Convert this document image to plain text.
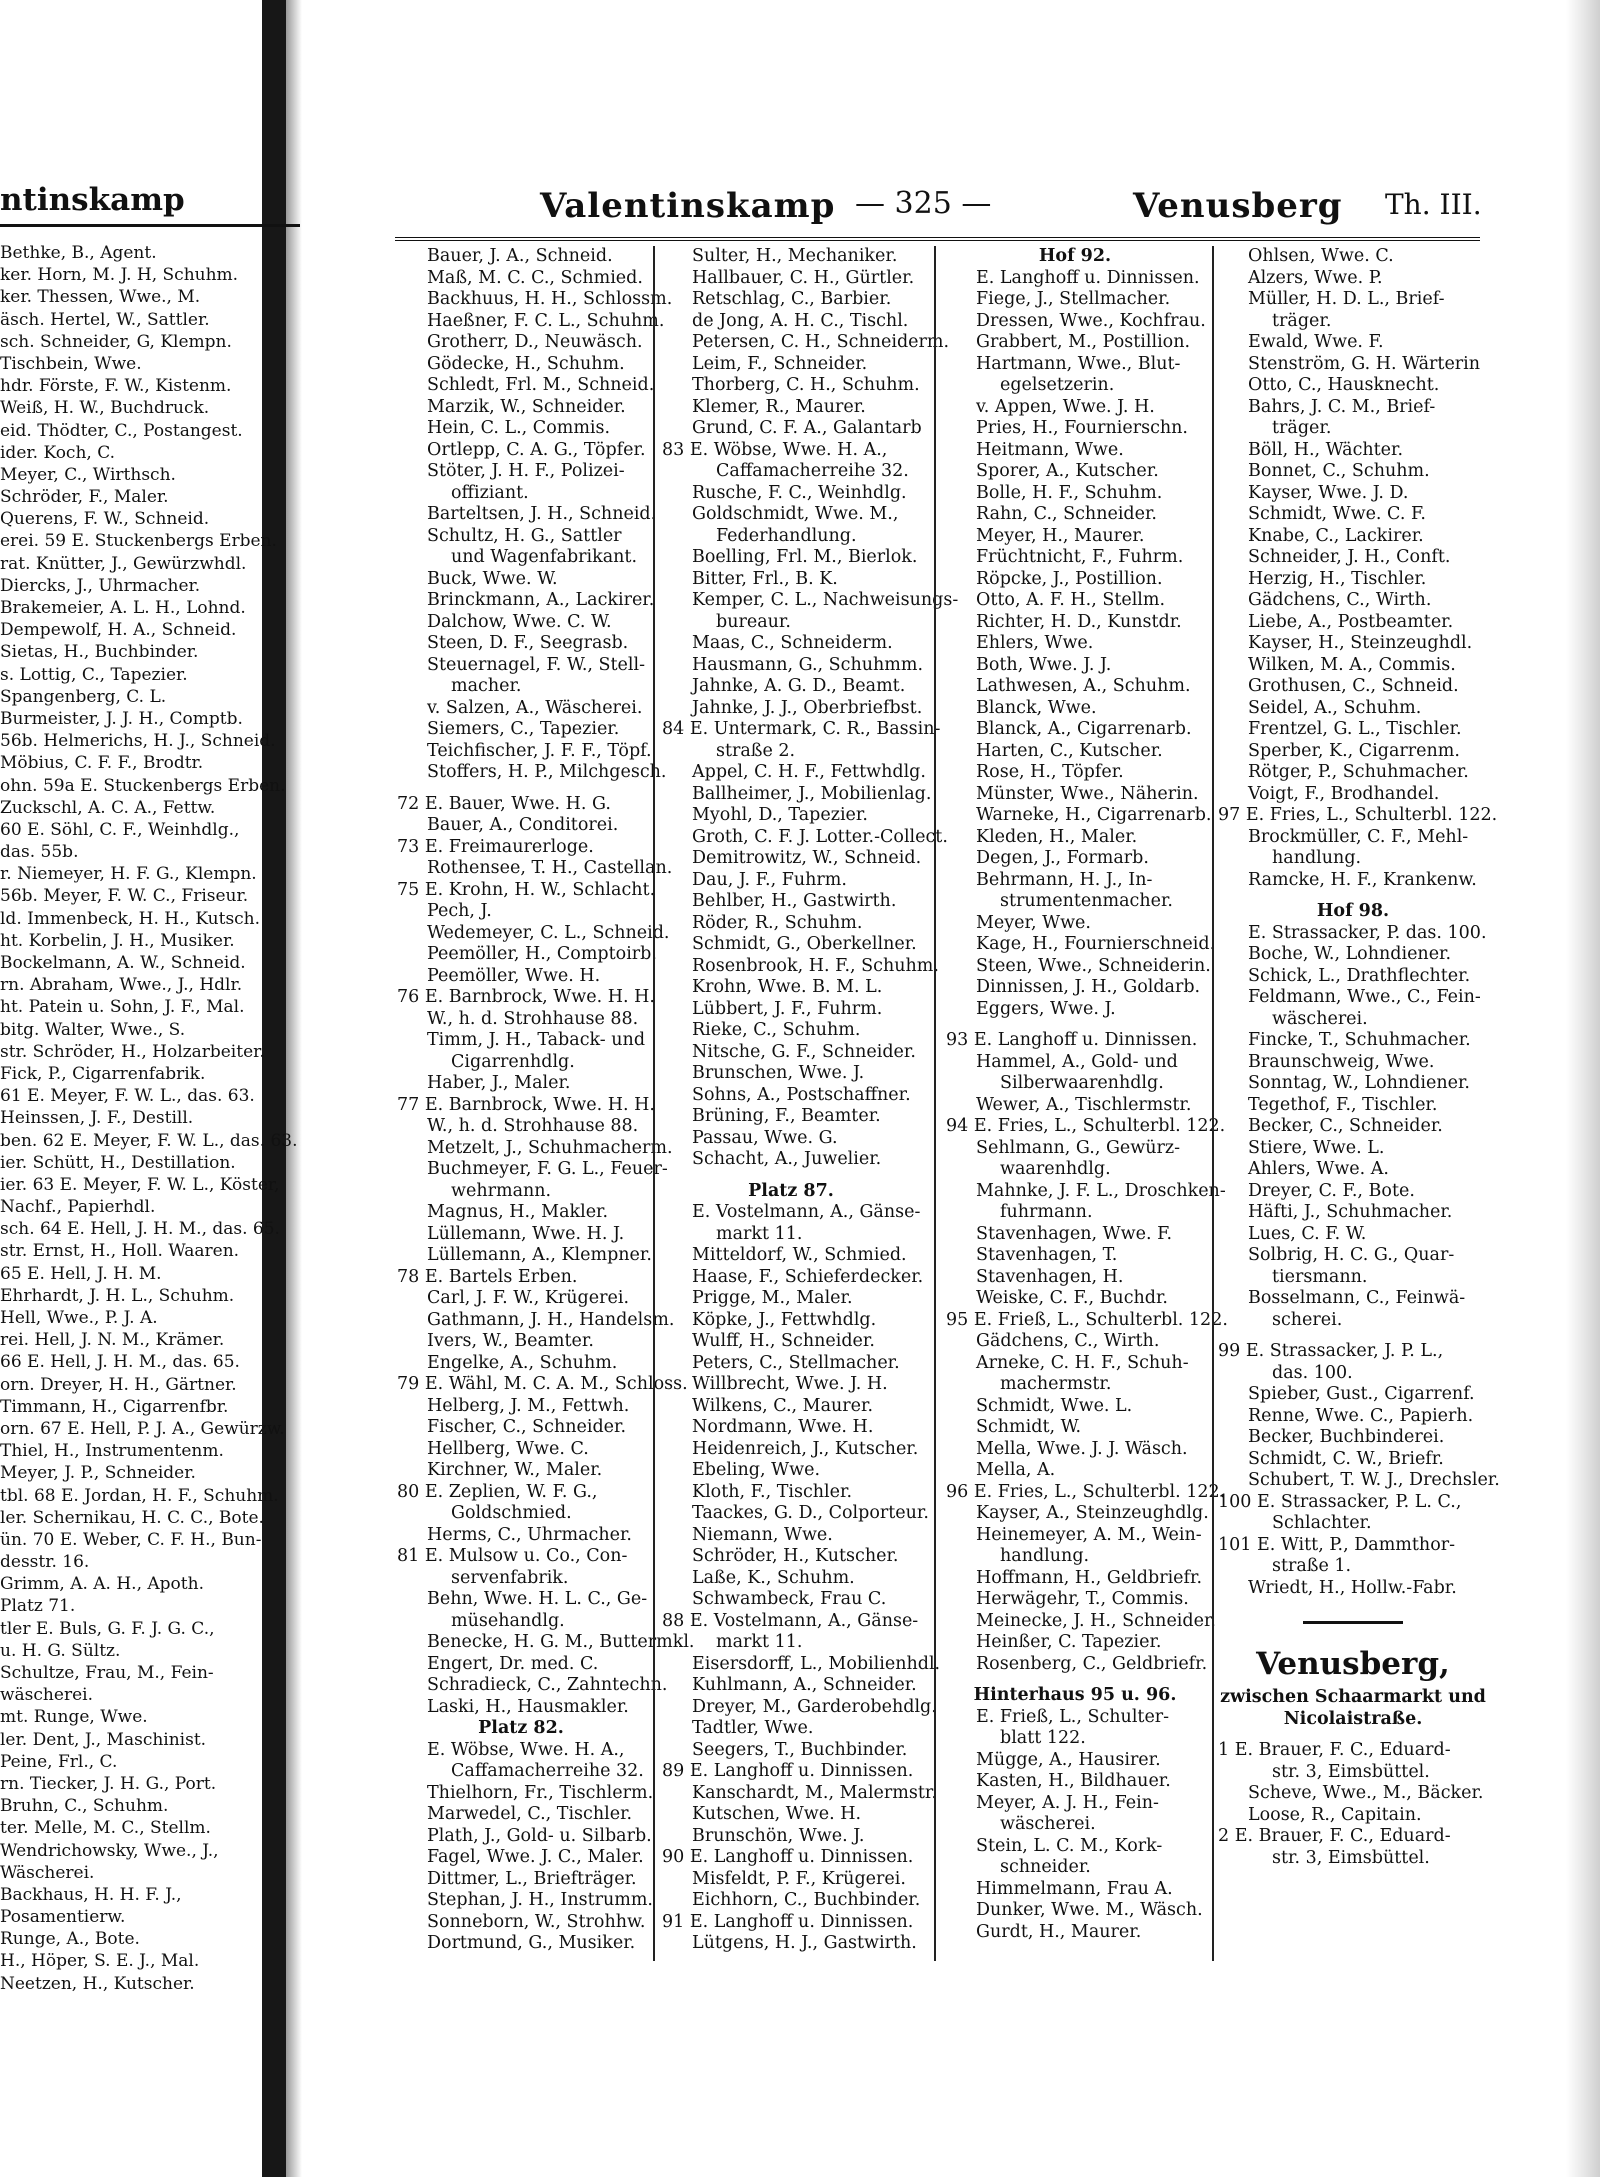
ntinskamp
Bethke, B., Agent.
ker. Horn, M. J. H, Schuhm.
ker. Thessen, Wwe., M.
äsch. Hertel, W., Sattler.
sch. Schneider, G, Klempn.
Tischbein, Wwe.
hdr. Förste, F. W., Kistenm.
Weiß, H. W., Buchdruck.
eid. Thödter, C., Postangest.
ider. Koch, C.
Meyer, C., Wirthsch.
Schröder, F., Maler.
Querens, F. W., Schneid.
erei. 59 E. Stuckenbergs Erben.
rat. Knütter, J., Gewürzwhdl.
Diercks, J., Uhrmacher.
Brakemeier, A. L. H., Lohnd.
Dempewolf, H. A., Schneid.
Sietas, H., Buchbinder.
s. Lottig, C., Tapezier.
Spangenberg, C. L.
Burmeister, J. J. H., Comptb.
56b. Helmerichs, H. J., Schneid.
Möbius, C. F. F., Brodtr.
ohn. 59a E. Stuckenbergs Erben.
Zuckschl, A. C. A., Fettw.
60 E. Söhl, C. F., Weinhdlg.,
das. 55b.
r. Niemeyer, H. F. G., Klempn.
56b. Meyer, F. W. C., Friseur.
ld. Immenbeck, H. H., Kutsch.
ht. Korbelin, J. H., Musiker.
Bockelmann, A. W., Schneid.
rn. Abraham, Wwe., J., Hdlr.
ht. Patein u. Sohn, J. F., Mal.
bitg. Walter, Wwe., S.
str. Schröder, H., Holzarbeiter.
Fick, P., Cigarrenfabrik.
61 E. Meyer, F. W. L., das. 63.
Heinssen, J. F., Destill.
ben. 62 E. Meyer, F. W. L., das. 63.
ier. Schütt, H., Destillation.
ier. 63 E. Meyer, F. W. L., Köster,
Nachf., Papierhdl.
sch. 64 E. Hell, J. H. M., das. 65.
str. Ernst, H., Holl. Waaren.
65 E. Hell, J. H. M.
Ehrhardt, J. H. L., Schuhm.
Hell, Wwe., P. J. A.
rei. Hell, J. N. M., Krämer.
66 E. Hell, J. H. M., das. 65.
orn. Dreyer, H. H., Gärtner.
Timmann, H., Cigarrenfbr.
orn. 67 E. Hell, P. J. A., Gewürzw.
Thiel, H., Instrumentenm.
Meyer, J. P., Schneider.
tbl. 68 E. Jordan, H. F., Schuhm.
ler. Schernikau, H. C. C., Bote.
ün. 70 E. Weber, C. F. H., Bun-
desstr. 16.
Grimm, A. A. H., Apoth.
Platz 71.
tler E. Buls, G. F. J. G. C.,
u. H. G. Sültz.
Schultze, Frau, M., Fein-
wäscherei.
mt. Runge, Wwe.
ler. Dent, J., Maschinist.
Peine, Frl., C.
rn. Tiecker, J. H. G., Port.
Bruhn, C., Schuhm.
ter. Melle, M. C., Stellm.
Wendrichowsky, Wwe., J.,
Wäscherei.
Backhaus, H. H. F. J.,
Posamentierw.
Runge, A., Bote.
H., Höper, S. E. J., Mal.
Neetzen, H., Kutscher.
Valentinskamp — 325 —	Venusberg Th. III.
Bauer, J. A., Schneid.
Maß, M. C. C., Schmied.
Backhuus, H. H., Schlossm.
Haeßner, F. C. L., Schuhm.
Grotherr, D., Neuwäsch.
Gödecke, H., Schuhm.
Schledt, Frl. M., Schneid.
Marzik, W., Schneider.
Hein, C. L., Commis.
Ortlepp, C. A. G., Töpfer.
Stöter, J. H. F., Polizei-
offiziant.
Barteltsen, J. H., Schneid.
Schultz, H. G., Sattler
und Wagenfabrikant.
Buck, Wwe. W.
Brinckmann, A., Lackirer.
Dalchow, Wwe. C. W.
Steen, D. F., Seegrasb.
Steuernagel, F. W., Stell-
macher.
v. Salzen, A., Wäscherei.
Siemers, C., Tapezier.
Teichfischer, J. F. F., Töpf.
Stoffers, H. P., Milchgesch.
72 E. Bauer, Wwe. H. G.
Bauer, A., Conditorei.
73 E. Freimaurerloge.
Rothensee, T. H., Castellan.
75 E. Krohn, H. W., Schlacht.
Pech, J.
Wedemeyer, C. L., Schneid.
Peemöller, H., Comptoirb.
Peemöller, Wwe. H.
76 E. Barnbrock, Wwe. H. H.
W., h. d. Strohhause 88.
Timm, J. H., Taback- und
Cigarrenhdlg.
Haber, J., Maler.
77 E. Barnbrock, Wwe. H. H.
W., h. d. Strohhause 88.
Metzelt, J., Schuhmacherm.
Buchmeyer, F. G. L., Feuer-
wehrmann.
Magnus, H., Makler.
Lüllemann, Wwe. H. J.
Lüllemann, A., Klempner.
78 E. Bartels Erben.
Carl, J. F. W., Krügerei.
Gathmann, J. H., Handelsm.
Ivers, W., Beamter.
Engelke, A., Schuhm.
79 E. Wähl, M. C. A. M., Schloss.
Helberg, J. M., Fettwh.
Fischer, C., Schneider.
Hellberg, Wwe. C.
Kirchner, W., Maler.
80 E. Zeplien, W. F. G.,
Goldschmied.
Herms, C., Uhrmacher.
81 E. Mulsow u. Co., Con-
servenfabrik.
Behn, Wwe. H. L. C., Ge-
müsehandlg.
Benecke, H. G. M., Buttermkl.
Engert, Dr. med. C.
Schradieck, C., Zahntechn.
Laski, H., Hausmakler.
Platz 82.
E. Wöbse, Wwe. H. A.,
Caffamacherreihe 32.
Thielhorn, Fr., Tischlerm.
Marwedel, C., Tischler.
Plath, J., Gold- u. Silbarb.
Fagel, Wwe. J. C., Maler.
Dittmer, L., Briefträger.
Stephan, J. H., Instrumm.
Sonneborn, W., Strohhw.
Dortmund, G., Musiker.
Sulter, H., Mechaniker.
Hallbauer, C. H., Gürtler.
Retschlag, C., Barbier.
de Jong, A. H. C., Tischl.
Petersen, C. H., Schneiderm.
Leim, F., Schneider.
Thorberg, C. H., Schuhm.
Klemer, R., Maurer.
Grund, C. F. A., Galantarb
83 E. Wöbse, Wwe. H. A.,
Caffamacherreihe 32.
Rusche, F. C., Weinhdlg.
Goldschmidt, Wwe. M.,
Federhandlung.
Boelling, Frl. M., Bierlok.
Bitter, Frl., B. K.
Kemper, C. L., Nachweisungs-
bureaur.
Maas, C., Schneiderm.
Hausmann, G., Schuhmm.
Jahnke, A. G. D., Beamt.
Jahnke, J. J., Oberbriefbst.
84 E. Untermark, C. R., Bassin-
straße 2.
Appel, C. H. F., Fettwhdlg.
Ballheimer, J., Mobilienlag.
Myohl, D., Tapezier.
Groth, C. F. J. Lotter.-Collect.
Demitrowitz, W., Schneid.
Dau, J. F., Fuhrm.
Behlber, H., Gastwirth.
Röder, R., Schuhm.
Schmidt, G., Oberkellner.
Rosenbrook, H. F., Schuhm.
Krohn, Wwe. B. M. L.
Lübbert, J. F., Fuhrm.
Rieke, C., Schuhm.
Nitsche, G. F., Schneider.
Brunschen, Wwe. J.
Sohns, A., Postschaffner.
Brüning, F., Beamter.
Passau, Wwe. G.
Schacht, A., Juwelier.
Platz 87.
E. Vostelmann, A., Gänse-
markt 11.
Mitteldorf, W., Schmied.
Haase, F., Schieferdecker.
Prigge, M., Maler.
Köpke, J., Fettwhdlg.
Wulff, H., Schneider.
Peters, C., Stellmacher.
Willbrecht, Wwe. J. H.
Wilkens, C., Maurer.
Nordmann, Wwe. H.
Heidenreich, J., Kutscher.
Ebeling, Wwe.
Kloth, F., Tischler.
Taackes, G. D., Colporteur.
Niemann, Wwe.
Schröder, H., Kutscher.
Laße, K., Schuhm.
Schwambeck, Frau C.
88 E. Vostelmann, A., Gänse-
markt 11.
Eisersdorff, L., Mobilienhdl.
Kuhlmann, A., Schneider.
Dreyer, M., Garderobehdlg.
Tadtler, Wwe.
Seegers, T., Buchbinder.
89 E. Langhoff u. Dinnissen.
Kanschardt, M., Malermstr.
Kutschen, Wwe. H.
Brunschön, Wwe. J.
90 E. Langhoff u. Dinnissen.
Misfeldt, P. F., Krügerei.
Eichhorn, C., Buchbinder.
91 E. Langhoff u. Dinnissen.
Lütgens, H. J., Gastwirth.
Hof 92.
E. Langhoff u. Dinnissen.
Fiege, J., Stellmacher.
Dressen, Wwe., Kochfrau.
Grabbert, M., Postillion.
Hartmann, Wwe., Blut-
egelsetzerin.
v. Appen, Wwe. J. H.
Pries, H., Fournierschn.
Heitmann, Wwe.
Sporer, A., Kutscher.
Bolle, H. F., Schuhm.
Rahn, C., Schneider.
Meyer, H., Maurer.
Früchtnicht, F., Fuhrm.
Röpcke, J., Postillion.
Otto, A. F. H., Stellm.
Richter, H. D., Kunstdr.
Ehlers, Wwe.
Both, Wwe. J. J.
Lathwesen, A., Schuhm.
Blanck, Wwe.
Blanck, A., Cigarrenarb.
Harten, C., Kutscher.
Rose, H., Töpfer.
Münster, Wwe., Näherin.
Warneke, H., Cigarrenarb.
Kleden, H., Maler.
Degen, J., Formarb.
Behrmann, H. J., In-
strumentenmacher.
Meyer, Wwe.
Kage, H., Fournierschneid.
Steen, Wwe., Schneiderin.
Dinnissen, J. H., Goldarb.
Eggers, Wwe. J.
93 E. Langhoff u. Dinnissen.
Hammel, A., Gold- und
Silberwaarenhdlg.
Wewer, A., Tischlermstr.
94 E. Fries, L., Schulterbl. 122.
Sehlmann, G., Gewürz-
waarenhdlg.
Mahnke, J. F. L., Droschken-
fuhrmann.
Stavenhagen, Wwe. F.
Stavenhagen, T.
Stavenhagen, H.
Weiske, C. F., Buchdr.
95 E. Frieß, L., Schulterbl. 122.
Gädchens, C., Wirth.
Arneke, C. H. F., Schuh-
machermstr.
Schmidt, Wwe. L.
Schmidt, W.
Mella, Wwe. J. J. Wäsch.
Mella, A.
96 E. Fries, L., Schulterbl. 122.
Kayser, A., Steinzeughdlg.
Heinemeyer, A. M., Wein-
handlung.
Hoffmann, H., Geldbriefr.
Herwägehr, T., Commis.
Meinecke, J. H., Schneider.
Heinßer, C. Tapezier.
Rosenberg, C., Geldbriefr.
Hinterhaus 95 u. 96.
E. Frieß, L., Schulter-
blatt 122.
Mügge, A., Hausirer.
Kasten, H., Bildhauer.
Meyer, A. J. H., Fein-
wäscherei.
Stein, L. C. M., Kork-
schneider.
Himmelmann, Frau A.
Dunker, Wwe. M., Wäsch.
Gurdt, H., Maurer.
Ohlsen, Wwe. C.
Alzers, Wwe. P.
Müller, H. D. L., Brief-
träger.
Ewald, Wwe. F.
Stenström, G. H. Wärterin
Otto, C., Hausknecht.
Bahrs, J. C. M., Brief-
träger.
Böll, H., Wächter.
Bonnet, C., Schuhm.
Kayser, Wwe. J. D.
Schmidt, Wwe. C. F.
Knabe, C., Lackirer.
Schneider, J. H., Conft.
Herzig, H., Tischler.
Gädchens, C., Wirth.
Liebe, A., Postbeamter.
Kayser, H., Steinzeughdl.
Wilken, M. A., Commis.
Grothusen, C., Schneid.
Seidel, A., Schuhm.
Frentzel, G. L., Tischler.
Sperber, K., Cigarrenm.
Rötger, P., Schuhmacher.
Voigt, F., Brodhandel.
97 E. Fries, L., Schulterbl. 122.
Brockmüller, C. F., Mehl-
handlung.
Ramcke, H. F., Krankenw.
Hof 98.
E. Strassacker, P. das. 100.
Boche, W., Lohndiener.
Schick, L., Drathflechter.
Feldmann, Wwe., C., Fein-
wäscherei.
Fincke, T., Schuhmacher.
Braunschweig, Wwe.
Sonntag, W., Lohndiener.
Tegethof, F., Tischler.
Becker, C., Schneider.
Stiere, Wwe. L.
Ahlers, Wwe. A.
Dreyer, C. F., Bote.
Häfti, J., Schuhmacher.
Lues, C. F. W.
Solbrig, H. C. G., Quar-
tiersmann.
Bosselmann, C., Feinwä-
scherei.
99 E. Strassacker, J. P. L.,
das. 100.
Spieber, Gust., Cigarrenf.
Renne, Wwe. C., Papierh.
Becker, Buchbinderei.
Schmidt, C. W., Briefr.
Schubert, T. W. J., Drechsler.
100 E. Strassacker, P. L. C.,
Schlachter.
101 E. Witt, P., Dammthor-
straße 1.
Wriedt, H., Hollw.-Fabr.
Venusberg,
zwischen Schaarmarkt und
Nicolaistraße.
1 E. Brauer, F. C., Eduard-
str. 3, Eimsbüttel.
Scheve, Wwe., M., Bäcker.
Loose, R., Capitain.
2 E. Brauer, F. C., Eduard-
str. 3, Eimsbüttel.
